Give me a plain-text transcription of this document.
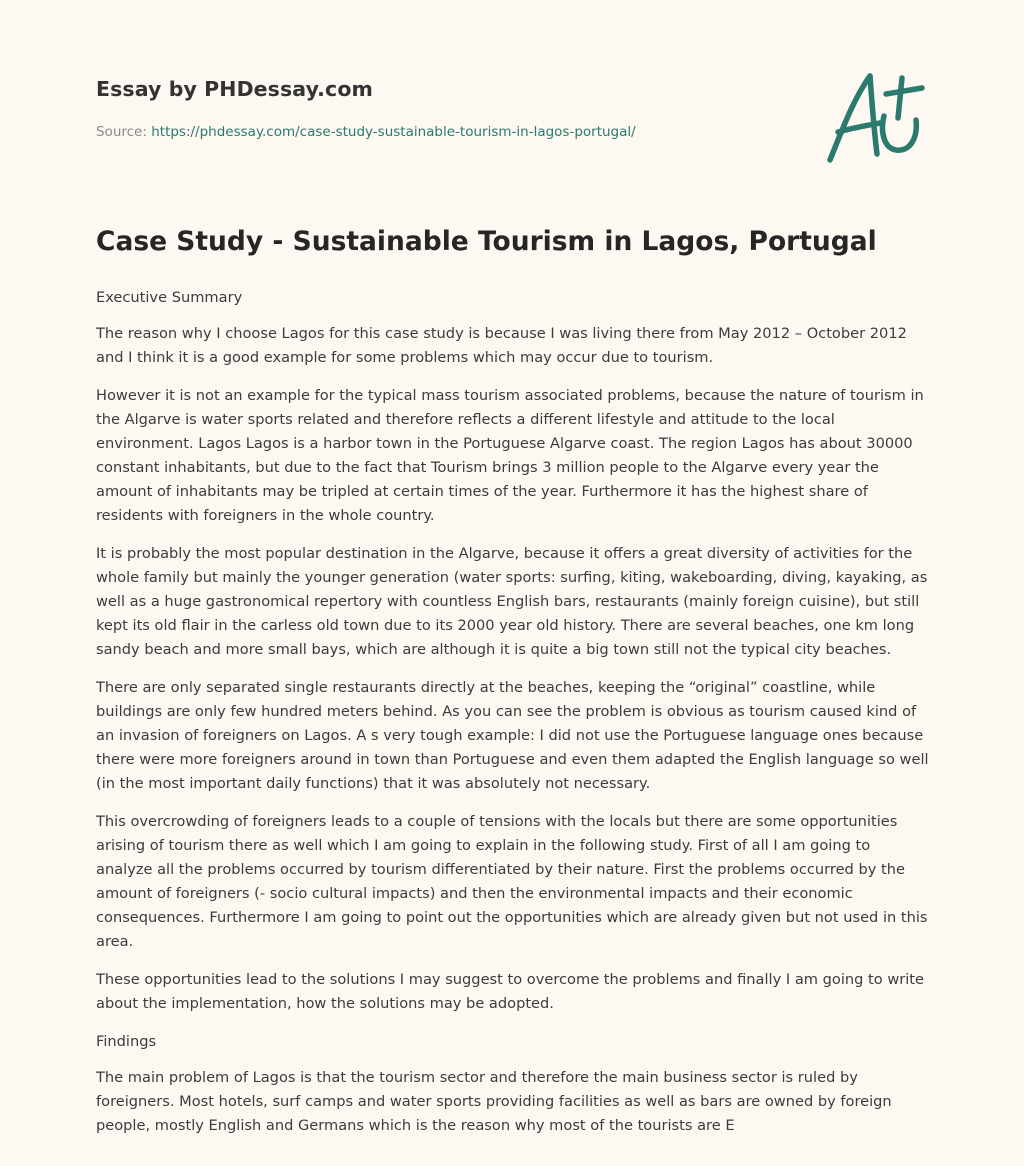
Essay by PHDessay.com

Source: https://phdessay.com/case-study-sustainable-tourism-in-lagos-portugal/

Case Study - Sustainable Tourism in Lagos, Portugal

Executive Summary

The reason why I choose Lagos for this case study is because I was living there from May 2012 – October 2012 and I think it is a good example for some problems which may occur due to tourism.

However it is not an example for the typical mass tourism associated problems, because the nature of tourism in the Algarve is water sports related and therefore reflects a different lifestyle and attitude to the local environment. Lagos Lagos is a harbor town in the Portuguese Algarve coast. The region Lagos has about 30000 constant inhabitants, but due to the fact that Tourism brings 3 million people to the Algarve every year the amount of inhabitants may be tripled at certain times of the year. Furthermore it has the highest share of residents with foreigners in the whole country.

It is probably the most popular destination in the Algarve, because it offers a great diversity of activities for the whole family but mainly the younger generation (water sports: surfing, kiting, wakeboarding, diving, kayaking, as well as a huge gastronomical repertory with countless English bars, restaurants (mainly foreign cuisine), but still kept its old flair in the carless old town due to its 2000 year old history. There are several beaches, one km long sandy beach and more small bays, which are although it is quite a big town still not the typical city beaches.

There are only separated single restaurants directly at the beaches, keeping the “original” coastline, while buildings are only few hundred meters behind. As you can see the problem is obvious as tourism caused kind of an invasion of foreigners on Lagos. A s very tough example: I did not use the Portuguese language ones because there were more foreigners around in town than Portuguese and even them adapted the English language so well (in the most important daily functions) that it was absolutely not necessary.

This overcrowding of foreigners leads to a couple of tensions with the locals but there are some opportunities arising of tourism there as well which I am going to explain in the following study. First of all I am going to analyze all the problems occurred by tourism differentiated by their nature. First the problems occurred by the amount of foreigners (- socio cultural impacts) and then the environmental impacts and their economic consequences. Furthermore I am going to point out the opportunities which are already given but not used in this area.

These opportunities lead to the solutions I may suggest to overcome the problems and finally I am going to write about the implementation, how the solutions may be adopted.

Findings

The main problem of Lagos is that the tourism sector and therefore the main business sector is ruled by foreigners. Most hotels, surf camps and water sports providing facilities as well as bars are owned by foreign people, mostly English and Germans which is the reason why most of the tourists are E
